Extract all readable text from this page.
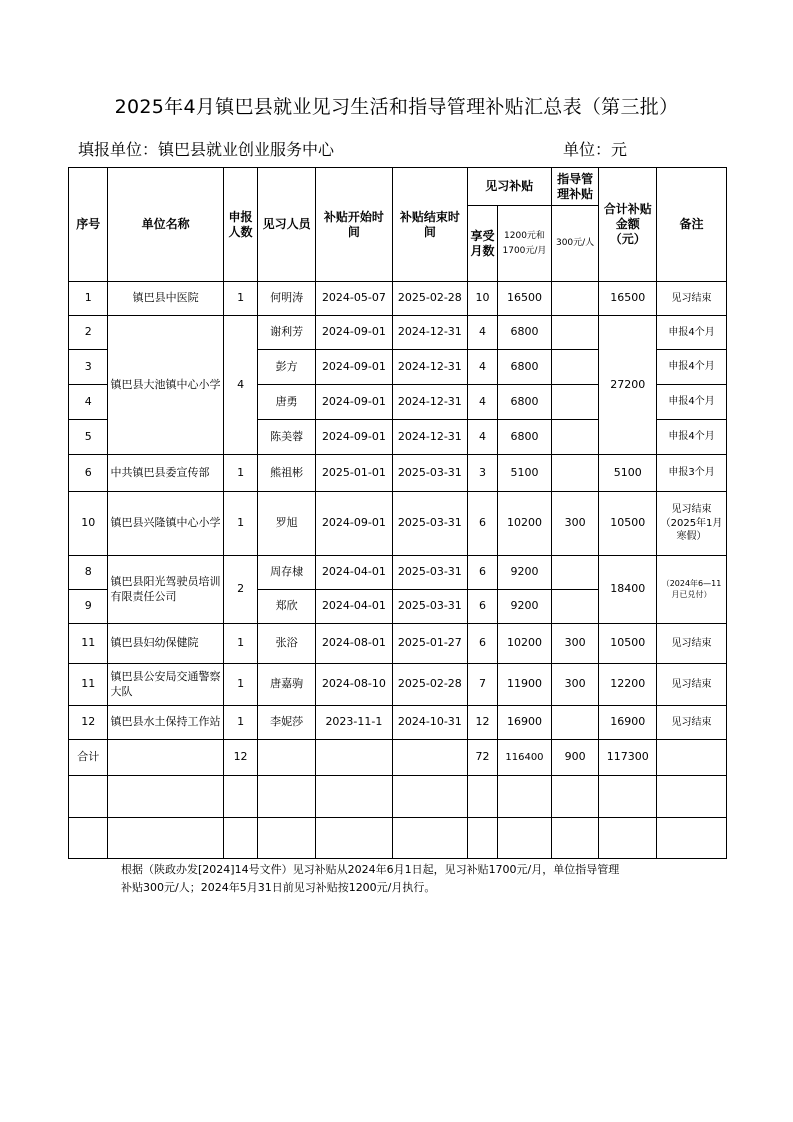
2025年4月镇巴县就业见习生活和指导管理补贴汇总表（第三批）
填报单位：镇巴县就业创业服务中心	单位：元
序号	单位名称	申报人数	见习人员	补贴开始时间	补贴结束时间	见习补贴		指导管理补贴	合计补贴金额（元）	备注
						享受月数	1200元和1700元/月	300元/人		
1	镇巴县中医院	1	何明涛	2024-05-07	2025-02-28	10	16500		16500	见习结束
2	镇巴县大池镇中心小学	4	谢利芳	2024-09-01	2024-12-31	4	6800		27200	申报4个月
3			彭方	2024-09-01	2024-12-31	4	6800			申报4个月
4			唐勇	2024-09-01	2024-12-31	4	6800			申报4个月
5			陈美蓉	2024-09-01	2024-12-31	4	6800			申报4个月
6	中共镇巴县委宣传部	1	熊祖彬	2025-01-01	2025-03-31	3	5100		5100	申报3个月
10	镇巴县兴隆镇中心小学	1	罗旭	2024-09-01	2025-03-31	6	10200	300	10500	见习结束（2025年1月寒假）
8	镇巴县阳光驾驶员培训有限责任公司	2	周存棣	2024-04-01	2025-03-31	6	9200		18400	（2024年6—11月已兑付）
9			郑欣	2024-04-01	2025-03-31	6	9200			
11	镇巴县妇幼保健院	1	张浴	2024-08-01	2025-01-27	6	10200	300	10500	见习结束
11	镇巴县公安局交通警察大队	1	唐嘉驹	2024-08-10	2025-02-28	7	11900	300	12200	见习结束
12	镇巴县水土保持工作站	1	李妮莎	2023-11-1	2024-10-31	12	16900		16900	见习结束
合计		12				72	116400	900	117300	

根据（陕政办发[2024]14号文件）见习补贴从2024年6月1日起，见习补贴1700元/月，单位指导管理
补贴300元/人；2024年5月31日前见习补贴按1200元/月执行。
